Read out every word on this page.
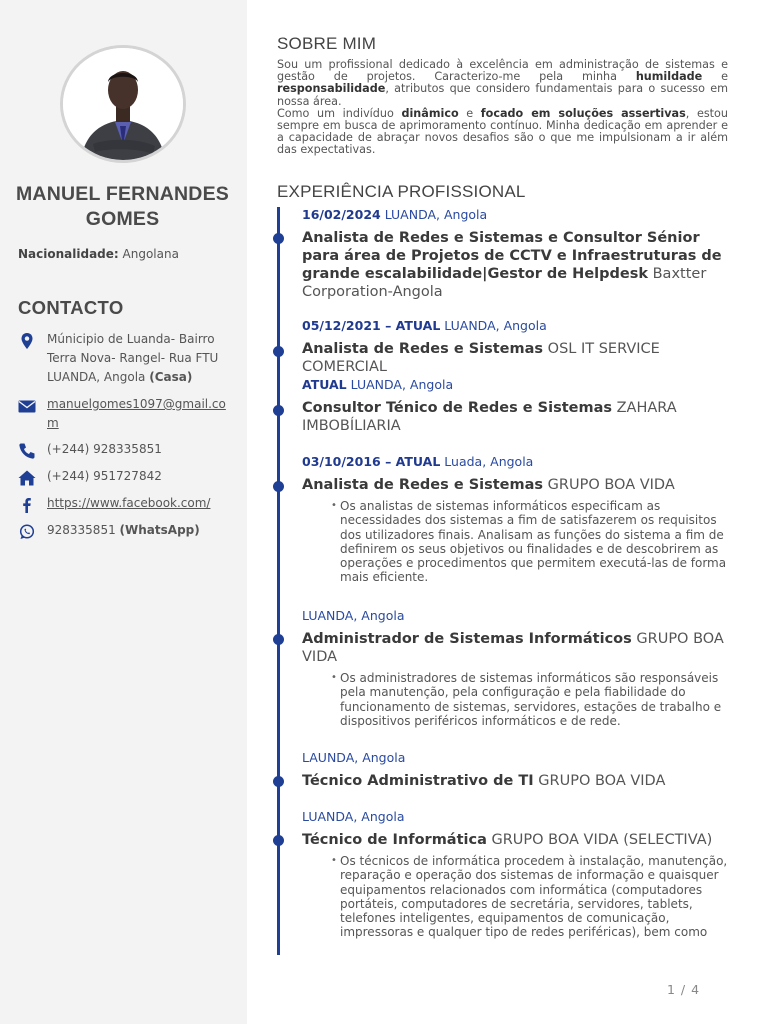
MANUEL FERNANDES GOMES
Nacionalidade: Angolana
CONTACTO
Múnicipio de Luanda- Bairro Terra Nova- Rangel- Rua FTU LUANDA, Angola (Casa)
manuelgomes1097@gmail.com
(+244) 928335851
(+244) 951727842
https://www.facebook.com/
928335851 (WhatsApp)
SOBRE MIM
Sou um profissional dedicado à excelência em administração de sistemas e gestão de projetos. Caracterizo-me pela minha humildade e responsabilidade, atributos que considero fundamentais para o sucesso em nossa área.
Como um indivíduo dinâmico e focado em soluções assertivas, estou sempre em busca de aprimoramento contínuo. Minha dedicação em aprender e a capacidade de abraçar novos desafios são o que me impulsionam a ir além das expectativas.
EXPERIÊNCIA PROFISSIONAL
16/02/2024 LUANDA, Angola
Analista de Redes e Sistemas e Consultor Sénior para área de Projetos de CCTV e Infraestruturas de grande escalabilidade|Gestor de Helpdesk Baxtter Corporation-Angola
05/12/2021 – ATUAL LUANDA, Angola
Analista de Redes e Sistemas OSL IT SERVICE COMERCIAL
ATUAL LUANDA, Angola
Consultor Ténico de Redes e Sistemas ZAHARA IMBOBÍLIARIA
03/10/2016 – ATUAL Luada, Angola
Analista de Redes e Sistemas GRUPO BOA VIDA
• Os analistas de sistemas informáticos especificam as necessidades dos sistemas a fim de satisfazerem os requisitos dos utilizadores finais. Analisam as funções do sistema a fim de definirem os seus objetivos ou finalidades e de descobrirem as operações e procedimentos que permitem executá-las de forma mais eficiente.
LUANDA, Angola
Administrador de Sistemas Informáticos GRUPO BOA VIDA
• Os administradores de sistemas informáticos são responsáveis pela manutenção, pela configuração e pela fiabilidade do funcionamento de sistemas, servidores, estações de trabalho e dispositivos periféricos informáticos e de rede.
LAUNDA, Angola
Técnico Administrativo de TI GRUPO BOA VIDA
LUANDA, Angola
Técnico de Informática GRUPO BOA VIDA (SELECTIVA)
• Os técnicos de informática procedem à instalação, manutenção, reparação e operação dos sistemas de informação e quaisquer equipamentos relacionados com informática (computadores portáteis, computadores de secretária, servidores, tablets, telefones inteligentes, equipamentos de comunicação, impressoras e qualquer tipo de redes periféricas), bem como
1 / 4
